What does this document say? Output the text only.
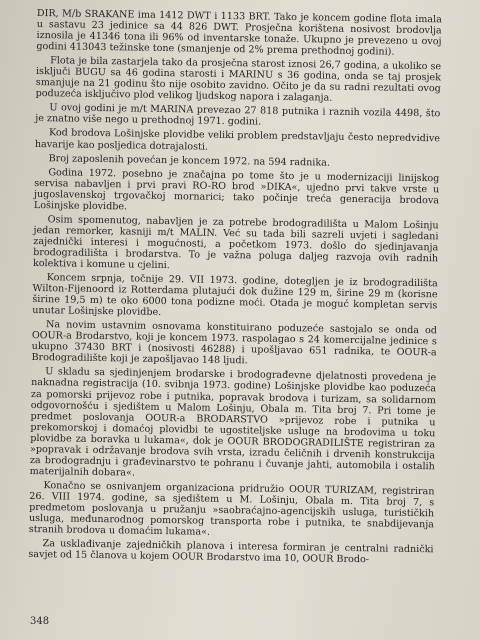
DIR, M/b SRAKANE ima 1412 DWT i 1133 BRT. Tako je koncem godine flota imala u sastavu 23 jedinice sa 44 826 DWT. Prosječna korištena nosivost brodovlja iznosila je 41346 tona ili 96% od inventarske tonaže. Ukupno je prevezeno u ovoj godini 413043 težinske tone (smanjenje od 2% prema prethodnoj godini).

Flota je bila zastarjela tako da prosječna starost iznosi 26,7 godina, a ukoliko se isključi BUGU sa 46 godina starosti i MARINU s 36 godina, onda se taj prosjek smanjuje na 21 godinu što nije osobito zavidno. Očito je da su radni rezultati ovog poduzeća isključivo plod velikog ljudskog napora i zalaganja.

U ovoj godini je m/t MARINA prevezao 27 818 putnika i raznih vozila 4498, što je znatno više nego u prethodnoj 1971. godini.

Kod brodova Lošinjske plovidbe veliki problem predstavljaju često nepredvidive havarije kao posljedica dotrajalosti.

Broj zaposlenih povećan je koncem 1972. na 594 radnika.

Godina 1972. posebno je značajna po tome što je u modernizaciji linijskog servisa nabavljen i prvi pravi RO-RO brod »DIKA«, ujedno prvi takve vrste u jugoslavenskoj trgovačkoj mornarici; tako počinje treća generacija brodova Lošinjske plovidbe.

Osim spomenutog, nabavljen je za potrebe brodogradilišta u Malom Lošinju jedan remorker, kasniji m/t MALIN. Već su tada bili sazreli uvjeti i sagledani zajednički interesi i mogućnosti, a početkom 1973. došlo do sjedinjavanja brodogradilišta i brodarstva. To je važna poluga daljeg razvoja ovih radnih kolektiva i komune u cjelini.

Koncem srpnja, točnije 29. VII 1973. godine, dotegljen je iz brodogradilišta Wilton-Fijenoord iz Rotterdama plutajući dok dužine 129 m, širine 29 m (korisne širine 19,5 m) te oko 6000 tona podizne moći. Otada je moguć kompletan servis unutar Lošinjske plovidbe.

Na novim ustavnim osnovama konstituirano poduzeće sastojalo se onda od OOUR-a Brodarstvo, koji je koncem 1973. raspolagao s 24 komercijalne jedinice s ukupno 37430 BRT i (nosivosti 46288) i upošljavao 651 radnika, te OOUR-a Brodogradilište koji je zapošljavao 148 ljudi.

U skladu sa sjedinjenjem brodarske i brodograđevne djelatnosti provedena je naknadna registracija (10. svibnja 1973. godine) Lošinjske plovidbe kao poduzeća za pomorski prijevoz robe i putnika, popravak brodova i turizam, sa solidarnom odgovornošću i sjedištem u Malom Lošinju, Obala m. Tita broj 7. Pri tome je predmet poslovanja OOUR-a BRODARSTVO »prijevoz robe i putnika u prekomorskoj i domaćoj plovidbi te ugostiteljske usluge na brodovima u toku plovidbe za boravka u lukama«, dok je OOUR BRODOGRADILIŠTE registriran za »popravak i održavanje brodova svih vrsta, izradu čeličnih i drvenih konstrukcija za brodogradnju i građevinarstvo te pohranu i čuvanje jahti, automobila i ostalih materijalnih dobara«.

Konačno se osnivanjem organizaciona pridružio OOUR TURIZAM, registriran 26. VIII 1974. godine, sa sjedištem u M. Lošinju, Obala m. Tita broj 7, s predmetom poslovanja u pružanju »saobraćajno-agencijskih usluga, turističkih usluga, međunarodnog pomorskog transporta robe i putnika, te snabdijevanja stranih brodova u domaćim lukama«.

Za usklađivanje zajedničkih planova i interesa formiran je centralni radnički savjet od 15 članova u kojem OOUR Brodarstvo ima 10, OOUR Brodo-

348
